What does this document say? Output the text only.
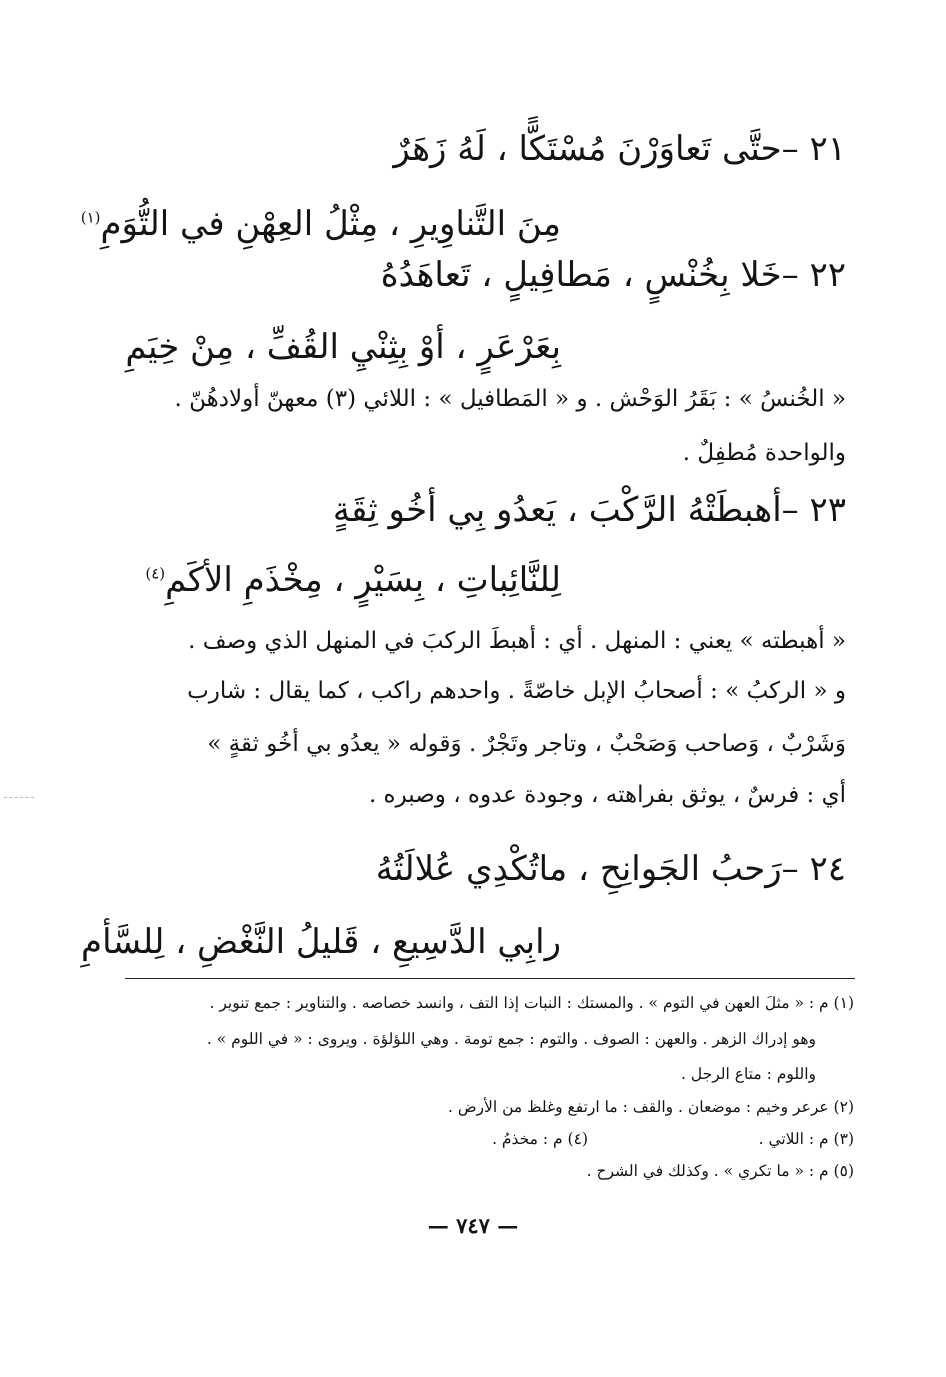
٢١ –حتَّى تَعاوَرْنَ مُسْتَكًّا ، لَهُ زَهَرٌ
مِنَ التَّناوِيرِ ، مِثْلُ العِهْنِ في التُّوَمِ$^{(١)}$
٢٢ –خَلا بِخُنْسٍ ، مَطافِيلٍ ، تَعاهَدُهُ
بِعَرْعَرٍ ، أوْ بِثِنْيِ القُفِّ ، مِنْ خِيَمِ
« الخُنسُ » : بَقَرُ الوَحْش . و « المَطافيل » : اللائي (٣) معهنّ أولادهُنّ .
والواحدة مُطفِلٌ .
٢٣ –أهبطَتْهُ الرَّكْبَ ، يَعدُو بِي أخُو ثِقَةٍ
لِلنَّائِباتِ ، بِسَيْرٍ ، مِخْذَمِ الأكَمِ$^{(٤)}$
« أهبطته » يعني : المنهل . أي : أهبطَ الركبَ في المنهل الذي وصف .
و « الركبُ » : أصحابُ الإبل خاصّةً . واحدهم راكب ، كما يقال : شارب
وَشَرْبٌ ، وَصاحب وَصَحْبٌ ، وتاجر وتَجْرٌ . وَقوله « يعدُو بي أخُو ثقةٍ »
أي : فرسٌ ، يوثق بفراهته ، وجودة عدوه ، وصبره .
٢٤ –رَحبُ الجَوانِحِ ، ماتُكْدِي عُلالَتُهُ
رابِي الدَّسِيعِ ، قَليلُ النَّغْضِ ، لِلسَّأمِ
(١) م : « مثلَ العهن في التوم » . والمستك : النبات إذا التف ، وانسد خصاصه . والتناوير : جمع تنوير .
وهو إدراك الزهر . والعهن : الصوف . والتوم : جمع تومة . وهي اللؤلؤة . ويروى : « في اللوم » .
واللوم : متاع الرجل .
(٢) عرعر وخيم : موضعان . والقف : ما ارتفع وغلظ من الأرض .
(٣) م : اللاتي .
(٤) م : مخذمُ .
(٥) م : « ما تكري » . وكذلك في الشرح .
— ٧٤٧ —
